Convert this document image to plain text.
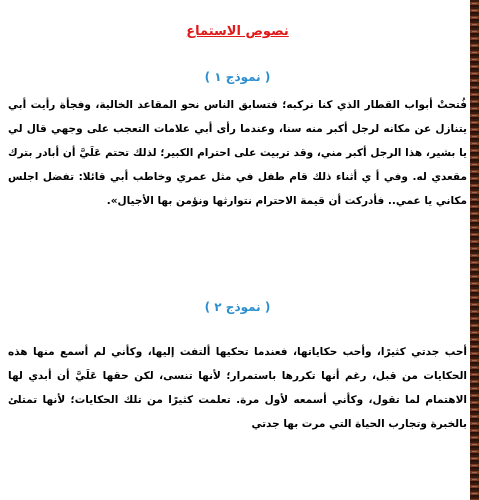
نصوص الاستماع
( نموذج ١ )
فُتحتْ أبواب القطار الذي كنا نركبه؛ فتسابق الناس نحو المقاعد الخالية، وفجأة رأيت أبي يتنازل عن مكانه لرجل أكبر منه سنا، وعندما رأى أبي علامات التعجب على وجهي قال لي يا بشير، هذا الرجل أكبر مني، وقد تربيت على احترام الكبير؛ لذلك تحتم عَلَيَّ أن أبادر بترك مقعدي له. وفي أ ي أثناء ذلك قام طفل في مثل عمري وخاطب أبي قائلا: تفضل اجلس مكاني يا عمي.. فأدركت أن قيمة الاحترام نتوارثها ونؤمن بها الأجيال».
( نموذج ٢ )
أحب جدتي كثيرًا، وأحب حكاياتها، فعندما تحكيها ألتفت إليها، وكأني لم أسمع منها هذه الحكايات من قبل، رغم أنها تكررها باستمرار؛ لأنها تنسى، لكن حقها عَلَيَّ أن أبدي لها الاهتمام لما تقول، وكأني أسمعه لأول مرة. تعلمت كثيرًا من تلك الحكايات؛ لأنها تمتلئ بالخبرة وتجارب الحياة التي مرت بها جدتي
